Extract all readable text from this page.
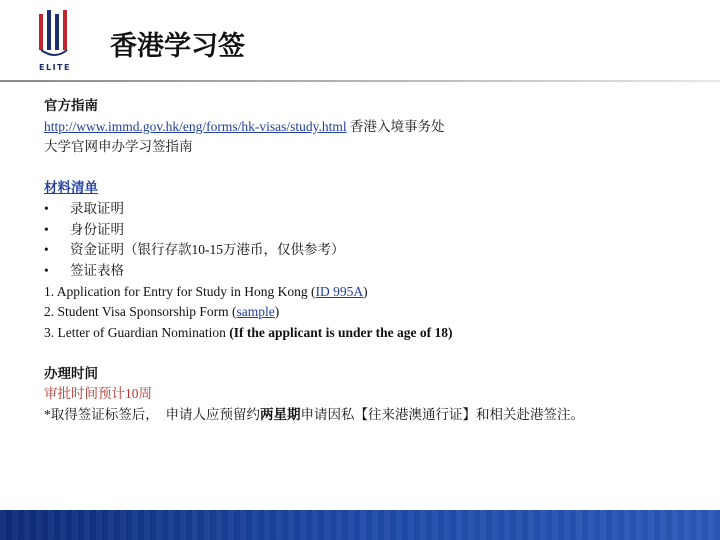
ELITE
香港学习签
官方指南
http://www.immd.gov.hk/eng/forms/hk-visas/study.html 香港入境事务处
大学官网申办学习签指南
材料清单
• 录取证明
• 身份证明
• 资金证明（银行存款10-15万港币，仅供参考）
• 签证表格
1. Application for Entry for Study in Hong Kong (ID 995A)
2. Student Visa Sponsorship Form (sample)
3. Letter of Guardian Nomination (If the applicant is under the age of 18)
办理时间
审批时间预计10周
*取得签证标签后，  申请人应预留约两星期申请因私【往来港澳通行证】和相关赴港签注。
